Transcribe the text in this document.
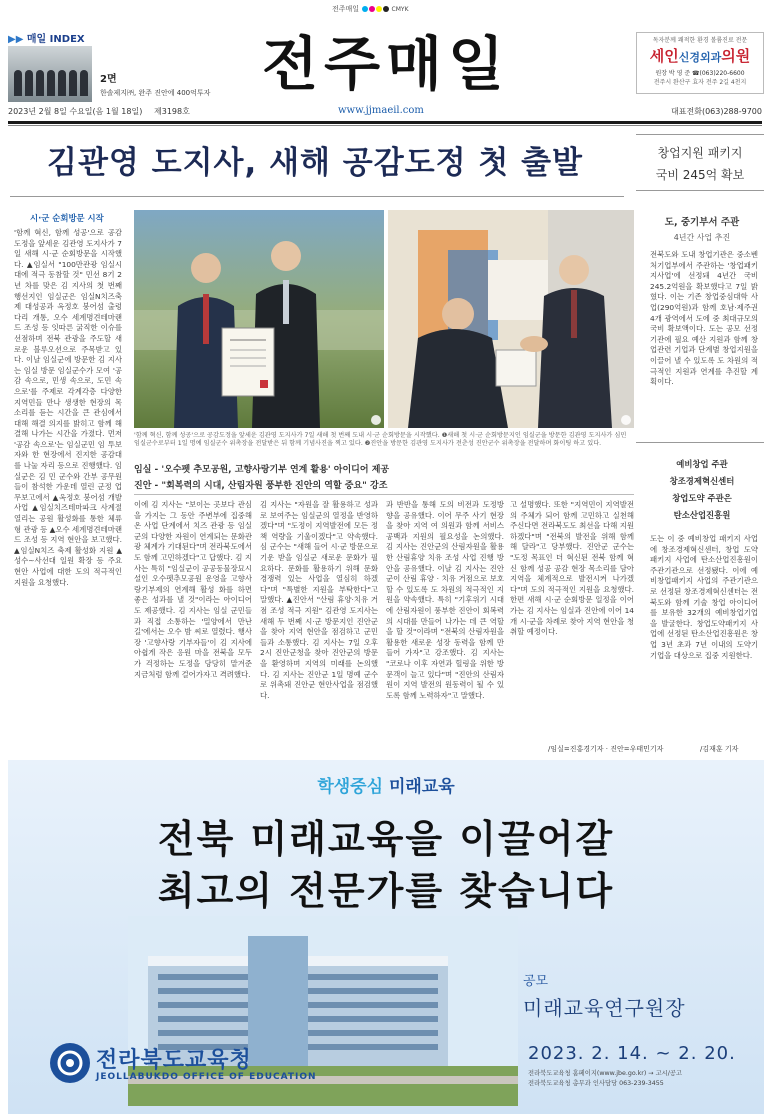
전주매일	CMYK
▶▶ 매일 INDEX
2면
한솔제지㈜, 완주 진안에 400억투자 전주매일	독자분께 쾌적한 환경 볼륨진료 전문
세인신경외과의원
원장 박 영 준 ☎(063)220-6600
전주시 완산구 효자 전주 2길 4천지
2023년 2월 8일 수요일(음 1월 18일) 제3198호	www.jjmaeil.com	대표전화(063)288-9700
김관영 도지사, 새해 공감도정 첫 출발
시·군 순회방문 시작
'함께 혁신, 함께 성공'으로 공감도정을 앞세운 김관영 도지사가 7일 새해 시·군 순회방문을 시작했다. ▲임실서 "100만관광 임실시대에 적극 동참할 것" 민선 8기 2년 차를 맞은 김 지사의 첫 번째 행선지인 임실군은 임실N치즈축제 대성공과 옥정호 붕어섬 출렁다리 개통, 오수 세계명견테마랜드 조성 등 잇따른 굵직한 이슈를 선점하며 전북 관광을 주도할 새로운 블루오션으로 주목받고 있다. 이날 임실군에 방문한 김 지사는 임실 방문 임실군수가 모여 '공감 속으로, 민생 속으로, 도민 속으로'를 주제로 각계각층 다양한 지역민들 만나 생생한 현장의 목소리를 듣는 시간을 큰 관심에서 대해 해결 의지를 밝히고 함께 해결해 나가는 시간을 가졌다. 먼저 '공감 속으로'는 임실군민 임 투보자와 한 현장에서 진지한 공감대를 나눌 자리 등으로 진행했다. 임실군은 김 민 군수와 간부 공무원들이 참석한 가운데 열린 군정 업무보고에서 ▲옥정호 붕어섬 개발 사업 ▲임실치즈테마파크 사계절 열리는 공원 활성화를 통한 체류형 관광 등 ▲오수 세계명견테마랜드 조성 등 지역 현안을 보고했다. ▲임실N치즈 축제 활성화 지원 ▲성수∼사선대 일원 확장 등 주요 현안 사업에 대한 도의 적극적인 지원을 요청했다.
'함께 혁신, 함께 성공'으로 공감도정을 앞세운 김관영 도지사가 7일 새해 첫 번째 도내 시·군 순회방문을 시작했다. ❶새해 첫 시·군 순회방문지인 임실군을 방문한 김관영 도지사가 심민 임실군수로부터 1일 명예 임실군수 위촉장을 전달받은 뒤 함께 기념사진을 찍고 있다. ❷진안을 방문한 김관영 도지사가 전춘성 진안군수 위촉장을 전달하며 화이팅 하고 있다.
임실 - '오수펫 추모공원, 고향사랑기부 연계 활용' 아이디어 제공
진안 - "회복력의 시대, 산림자원 풍부한 진안의 역할 중요" 강조
이에 김 지사는 "보이는 곳보다 관심을 가지는 그 동안 주변부에 집중해 온 사업 단계에서 치즈 관광 등 임실군의 다양한 자원이 연계되는 문화관광 체계가 기대된다"며 전라북도에서도 함께 고민하겠다"고 답했다. 김 지사는 특히 "임실군이 공공동물장묘시설인 오수펫추모공원 운영을 고향사랑기부제의 연계해 활성 화를 하면 좋은 성과를 낼 것"이라는 아이디어도 제공했다. 김 지사는 임실 군민들과 직접 소통하는 '밀양에서 만난 길'에서는 오수 밤 씨로 열렸다. 행사장 '고향사랑 기부자들'이 김 지사에 아쉽게 작은 응원 마을 전북을 모두가 걱정하는 도정을 당당히 맡겨준 지금처럼 함께 걸어가자고 격려했다.
김 지사는 "자원을 잘 활용하고 성과로 보여주는 임실군의 열정을 반영하겠다"며 "도정이 지역발전에 모든 정책 역량을 기울이겠다"고 약속했다. 심 군수는 "새해 들어 시·군 방문으로 기운 받을 임실군 새로운 문화가 필요하다. 문화를 활용하기 위해 문화 경쟁력 있는 사업을 열심히 하겠다"며 "특별한 지원을 부탁한다"고 말했다. ▲진안서 "산림 휴양·치유 거점 조성 적극 지원" 김관영 도지사는 새해 두 번째 시·군 방문지인 진안군을 찾아 지역 현안을 점검하고 군민들과 소통했다. 김 지사는 7일 오후 2시 진안군청을 찾아 진안군의 방문을 환영하며 지역의 미래를 논의했다. 김 지사는 진안군 1일 명예 군수로 위촉돼 진안군 현안사업을 점검했다.
과 반반을 통해 도의 비전과 도정방향을 공유했다. 이어 무주 사기 현장을 찾아 지역 여 의원과 함께 서비스 공백과 지원의 필요성을 논의했다. 김 지사는 진안군의 산림자원을 활용한 산림휴양 치유 조성 사업 진행 방안을 공유했다. 이날 김 지사는 진안군이 산림 휴양 · 치유 거점으로 보호할 수 있도록 도 차원의 적극적인 지원을 약속했다. 특히 "기후위기 시대에 산림자원이 풍부한 진안이 회복력의 시대를 만들어 나가는 데 큰 역할을 할 것"이라며 "전북의 산림자원을 활용한 새로운 성장 동력을 함께 만들어 가자"고 강조했다. 김 지사는 "코로나 이후 자연과 힐링을 위한 방문객이 늘고 있다"며 "진안의 산림자원이 지역 발전의 원동력이 될 수 있도록 함께 노력하자"고 말했다.
고 설명했다. 또한 "지역민이 지역발전의 주체가 되어 함께 고민하고 실천해 주신다면 전라북도도 최선을 다해 지원하겠다"며 "전북의 발전을 위해 함께 해 달라"고 당부했다. 진안군 군수는 "도정 목표인 더 혁신된 전북 함께 혁신 함께 성공 공감 현장 목소리를 담아 지역을 체계적으로 발전시켜 나가겠다"며 도의 적극적인 지원을 요청했다. 한편 새해 시·군 순회방문 일정을 이어가는 김 지사는 임실과 진안에 이어 14개 시·군을 차례로 찾아 지역 현안을 청취할 예정이다.
/임실=진홍경기자 · 진안=우태민기자
창업지원 패키지
국비 245억 확보
도, 중기부서 주관
4년간 사업 추진
전북도와 도내 창업기관은 중소벤처기업부에서 주관하는 '창업패키지사업'에 선정돼 4년간 국비 245.2억원을 확보했다고 7일 밝혔다. 이는 기존 창업중심대학 사업(290억원)과 함께 호남·제주권 4개 광역에서 도에 중 최대규모의 국비 확보액이다. 도는 공모 선정기관에 필요 예산 지원과 함께 창업관련 기업과 단계별 창업지원을 이끌어 낼 수 있도록 도 차원의 적극적인 지원과 연계를 추진할 계획이다.
예비창업 주관
창조경제혁신센터
창업도약 주관은
탄소산업진흥원
도는 이 중 예비창업 패키지 사업에 창조경제혁신센터, 창업 도약 패키지 사업에 탄소산업진흥원이 주관기관으로 선정됐다. 이에 예비창업패키지 사업의 주관기관으로 선정된 창조경제혁신센터는 전북도와 함께 기술 창업 아이디어를 보유한 32개의 예비창업기업을 발굴한다. 창업도약패키지 사업에 선정된 탄소산업진흥원은 창업 3년 초과 7년 이내의 도약기 기업을 대상으로 집중 지원한다.
/김재훈 기자
학생중심 미래교육
전북 미래교육을 이끌어갈
최고의 전문가를 찾습니다
공모
미래교육연구원장
2023. 2. 14. ~ 2. 20.
전라북도교육청 홈페이지(www.jbe.go.kr) → 고시/공고
전라북도교육청 총무과 인사담당 063-239-3455
전라북도교육청
JEOLLABUKDO OFFICE OF EDUCATION
